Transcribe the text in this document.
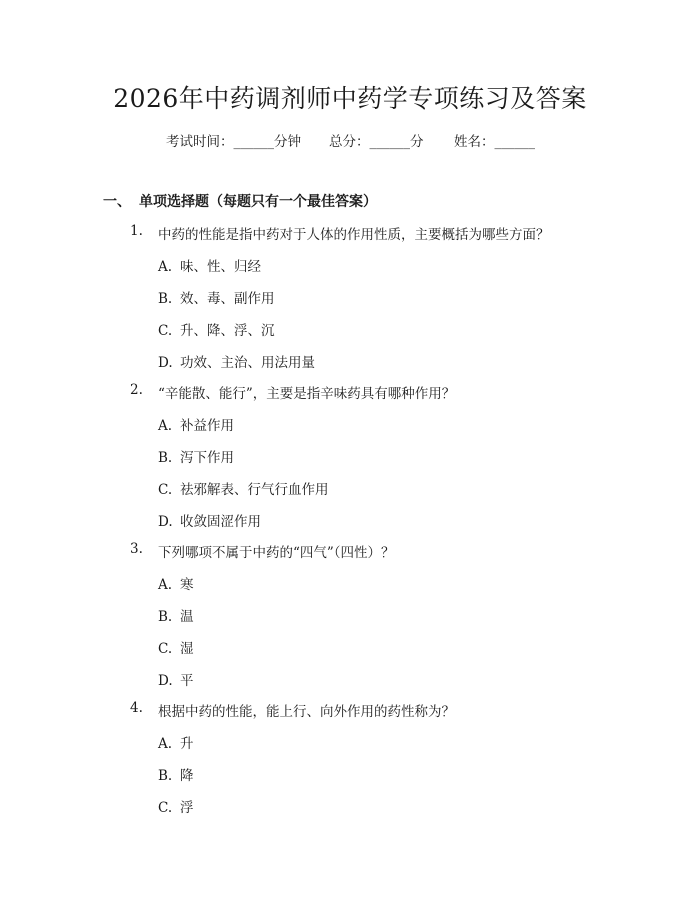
2026年中药调剂师中药学专项练习及答案
考试时间：______分钟 总分：______分 姓名：______
一、 单项选择题（每题只有一个最佳答案）
1. 中药的性能是指中药对于人体的作用性质，主要概括为哪些方面？
A. 味、性、归经
B. 效、毒、副作用
C. 升、降、浮、沉
D. 功效、主治、用法用量
2. “辛能散、能行”，主要是指辛味药具有哪种作用？
A. 补益作用
B. 泻下作用
C. 祛邪解表、行气行血作用
D. 收敛固涩作用
3. 下列哪项不属于中药的“四气”（四性）？
A. 寒
B. 温
C. 湿
D. 平
4. 根据中药的性能，能上行、向外作用的药性称为？
A. 升
B. 降
C. 浮
